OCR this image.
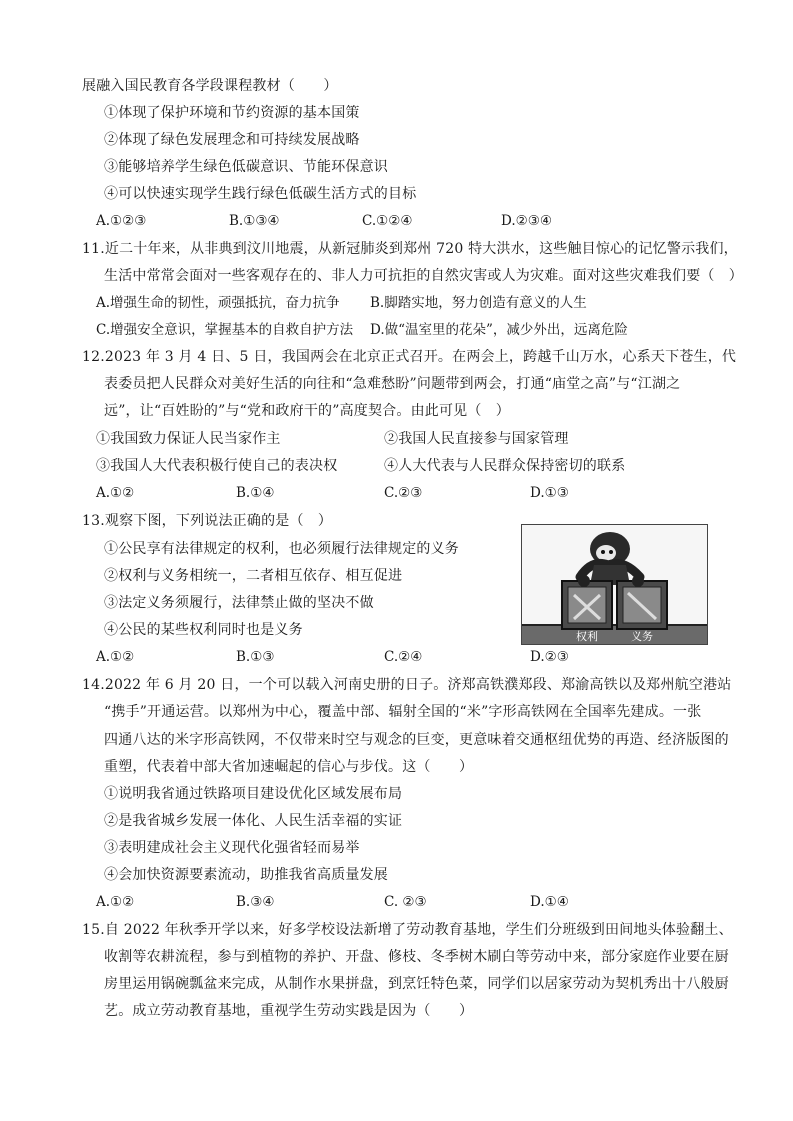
展融入国民教育各学段课程教材（　　）
①体现了保护环境和节约资源的基本国策
②体现了绿色发展理念和可持续发展战略
③能够培养学生绿色低碳意识、节能环保意识
④可以快速实现学生践行绿色低碳生活方式的目标
A.①②③	B.①③④	C.①②④	D.②③④
11.近二十年来，从非典到汶川地震，从新冠肺炎到郑州 720 特大洪水，这些触目惊心的记忆警示我们，
生活中常常会面对一些客观存在的、非人力可抗拒的自然灾害或人为灾难。面对这些灾难我们要（　）
A.增强生命的韧性，顽强抵抗，奋力抗争 B.脚踏实地，努力创造有意义的人生
C.增强安全意识，掌握基本的自救自护方法 D.做“温室里的花朵”，减少外出，远离危险
12.2023 年 3 月 4 日、5 日，我国两会在北京正式召开。在两会上，跨越千山万水，心系天下苍生，代
表委员把人民群众对美好生活的向往和“急难愁盼”问题带到两会，打通“庙堂之高”与“江湖之
远”，让“百姓盼的”与“党和政府干的”高度契合。由此可见（　）
①我国致力保证人民当家作主	②我国人民直接参与国家管理
③我国人大代表积极行使自己的表决权	④人大代表与人民群众保持密切的联系
A.①②	B.①④	C.②③	D.①③
13.观察下图，下列说法正确的是（　）
①公民享有法律规定的权利，也必须履行法律规定的义务
②权利与义务相统一，二者相互依存、相互促进
③法定义务须履行，法律禁止做的坚决不做
④公民的某些权利同时也是义务	权利	义务
A.①②	B.①③	C.②④	D.②③
14.2022 年 6 月 20 日，一个可以载入河南史册的日子。济郑高铁濮郑段、郑渝高铁以及郑州航空港站
“携手”开通运营。以郑州为中心，覆盖中部、辐射全国的“米”字形高铁网在全国率先建成。一张
四通八达的米字形高铁网，不仅带来时空与观念的巨变，更意味着交通枢纽优势的再造、经济版图的
重塑，代表着中部大省加速崛起的信心与步伐。这（　　）
①说明我省通过铁路项目建设优化区域发展布局
②是我省城乡发展一体化、人民生活幸福的实证
③表明建成社会主义现代化强省轻而易举
④会加快资源要素流动，助推我省高质量发展
A.①②	B.③④	C. ②③	D.①④
15.自 2022 年秋季开学以来，好多学校设法新增了劳动教育基地，学生们分班级到田间地头体验翻土、
收割等农耕流程，参与到植物的养护、开盘、修枝、冬季树木刷白等劳动中来，部分家庭作业要在厨
房里运用锅碗瓢盆来完成，从制作水果拼盘，到烹饪特色菜，同学们以居家劳动为契机秀出十八般厨
艺。成立劳动教育基地，重视学生劳动实践是因为（　　）
